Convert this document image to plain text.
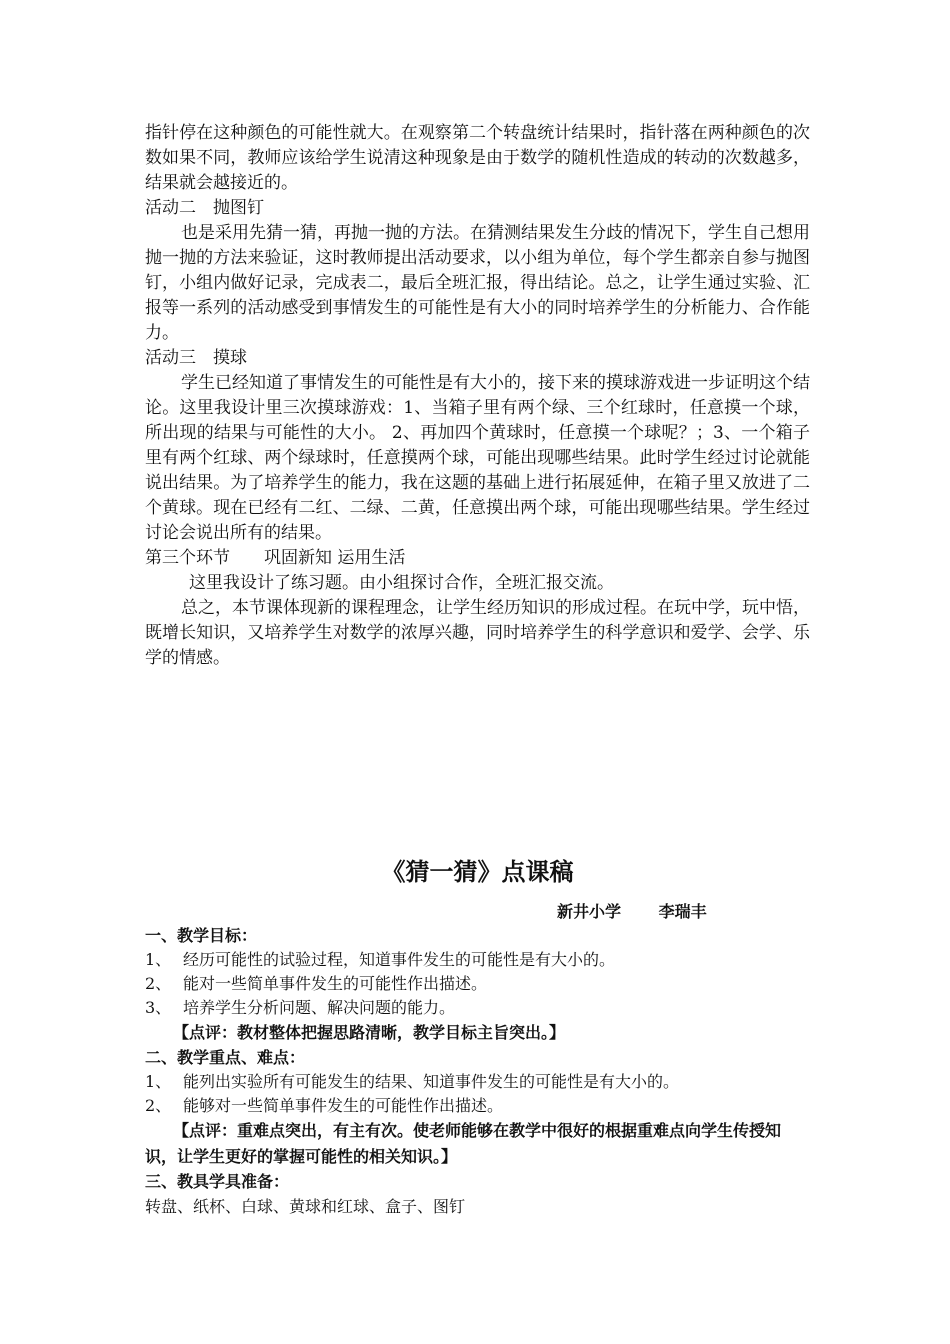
指针停在这种颜色的可能性就大。在观察第二个转盘统计结果时，指针落在两种颜色的次数如果不同，教师应该给学生说清这种现象是由于数学的随机性造成的转动的次数越多，结果就会越接近的。

活动二　抛图钉

也是采用先猜一猜，再抛一抛的方法。在猜测结果发生分歧的情况下，学生自己想用抛一抛的方法来验证，这时教师提出活动要求，以小组为单位，每个学生都亲自参与抛图钉，小组内做好记录，完成表二，最后全班汇报，得出结论。总之，让学生通过实验、汇报等一系列的活动感受到事情发生的可能性是有大小的同时培养学生的分析能力、合作能力。

活动三　摸球

学生已经知道了事情发生的可能性是有大小的，接下来的摸球游戏进一步证明这个结论。这里我设计里三次摸球游戏：1、当箱子里有两个绿、三个红球时，任意摸一个球，所出现的结果与可能性的大小。 2、再加四个黄球时，任意摸一个球呢？；3、一个箱子里有两个红球、两个绿球时，任意摸两个球，可能出现哪些结果。此时学生经过讨论就能说出结果。为了培养学生的能力，我在这题的基础上进行拓展延伸，在箱子里又放进了二个黄球。现在已经有二红、二绿、二黄，任意摸出两个球，可能出现哪些结果。学生经过讨论会说出所有的结果。

第三个环节　　巩固新知 运用生活

这里我设计了练习题。由小组探讨合作，全班汇报交流。

总之，本节课体现新的课程理念，让学生经历知识的形成过程。在玩中学，玩中悟，既增长知识，又培养学生对数学的浓厚兴趣，同时培养学生的科学意识和爱学、会学、乐学的情感。

《猜一猜》点课稿

新井小学　　 李瑞丰

一、教学目标：

1、 经历可能性的试验过程，知道事件发生的可能性是有大小的。

2、 能对一些简单事件发生的可能性作出描述。

3、 培养学生分析问题、解决问题的能力。

【点评：教材整体把握思路清晰，教学目标主旨突出。】

二、教学重点、难点：

1、 能列出实验所有可能发生的结果、知道事件发生的可能性是有大小的。

2、 能够对一些简单事件发生的可能性作出描述。

【点评：重难点突出，有主有次。使老师能够在教学中很好的根据重难点向学生传授知识，让学生更好的掌握可能性的相关知识。】

三、教具学具准备：

转盘、纸杯、白球、黄球和红球、盒子、图钉
